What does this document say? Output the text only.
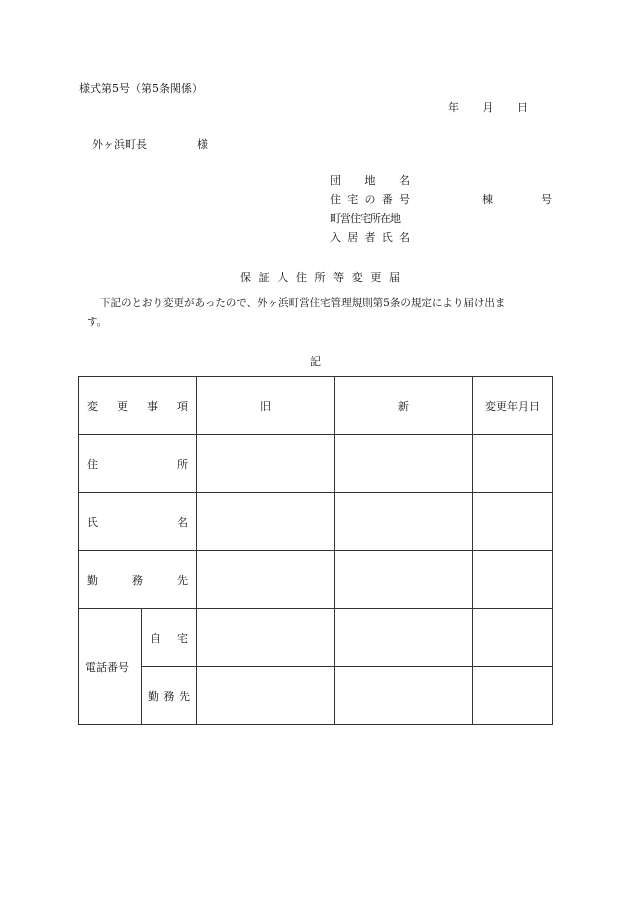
様式第5号（第5条関係）
年 月 日
外ヶ浜町長	様
団 地 名
住 宅 の 番 号	棟	号
町営住宅所在地
入 居 者 氏 名
保 証 人 住 所 等 変 更 届
下記のとおり変更があったので、外ヶ浜町営住宅管理規則第5条の規定により届け出ま
す。
記
変 更 事 項		旧	新	変更年月日

住 所				

氏 名				

勤 務 先				

電話番号	自 宅			

	勤 務 先			
